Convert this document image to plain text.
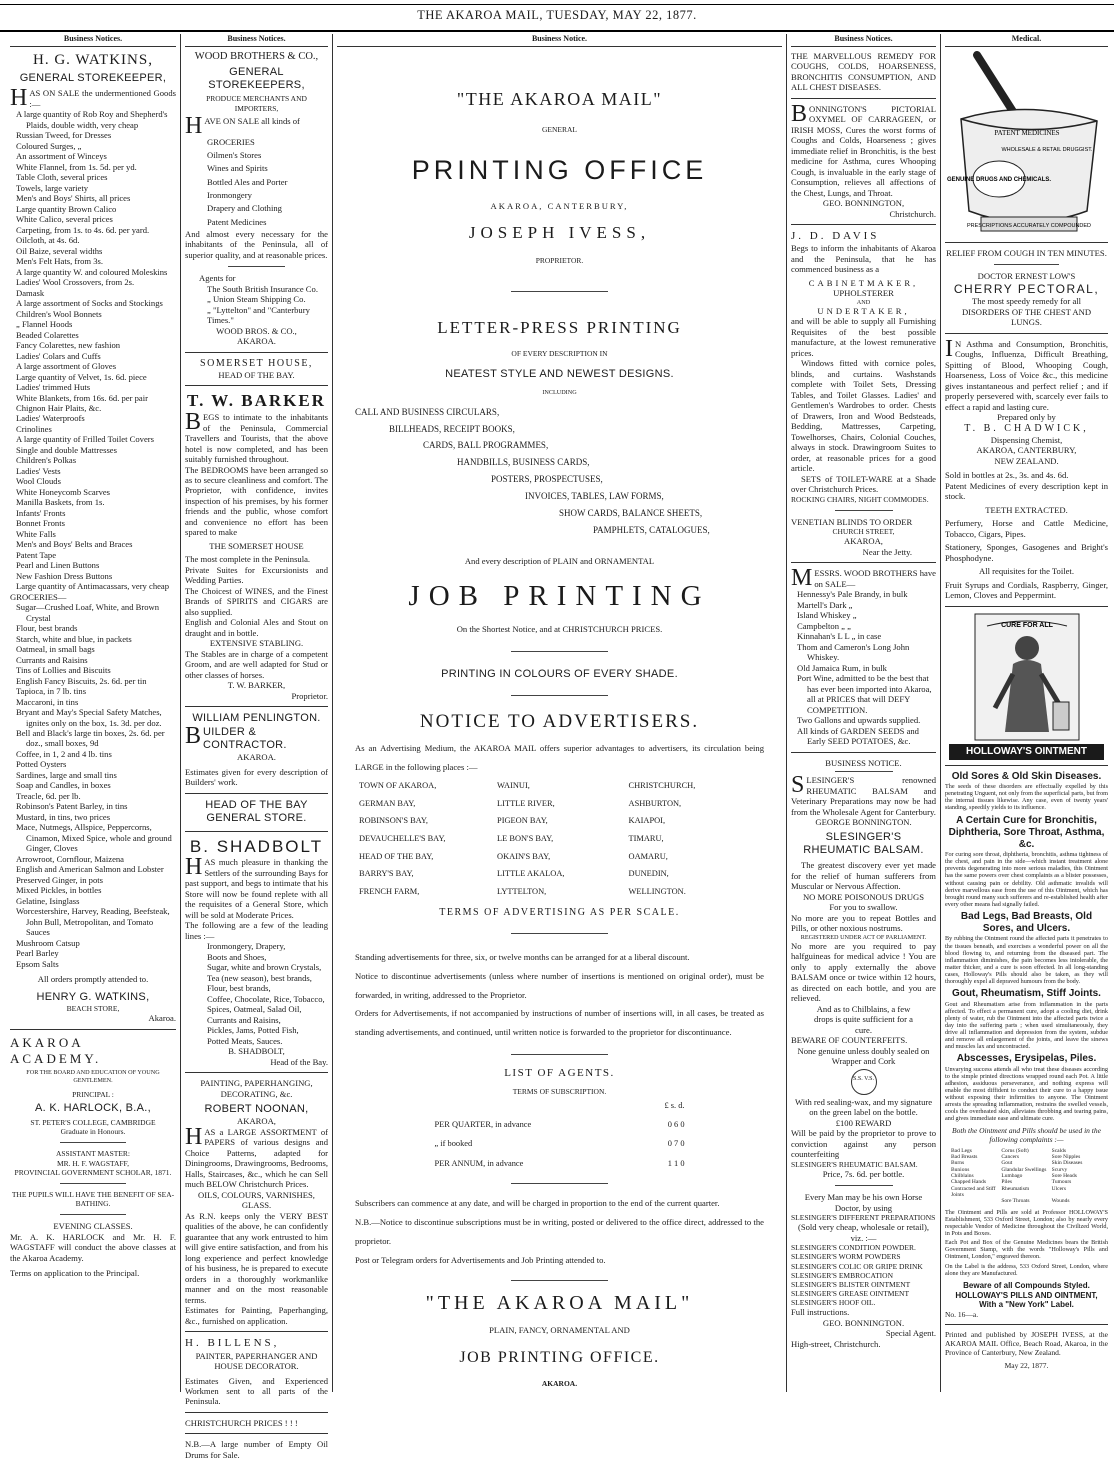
THE AKAROA MAIL, TUESDAY, MAY 22, 1877.
Business Notices.
H. G. WATKINS,
GENERAL STOREKEEPER,

HAS ON SALE the undermentioned Goods :—

A large quantity of Rob Roy and Shepherd's Plaids, double width, very cheap
Russian Tweed, for Dresses
Coloured Surges, „
An assortment of Winceys
White Flannel, from 1s. 5d. per yd.
Table Cloth, several prices
Towels, large variety
Men's and Boys' Shirts, all prices
Large quantity Brown Calico
White Calico, several prices
Carpeting, from 1s. to 4s. 6d. per yard.
Oilcloth, at 4s. 6d.
Oil Baize, several widths
Men's Felt Hats, from 3s.
A large quantity W. and coloured Moleskins
Ladies' Wool Crossovers, from 2s.
Damask
A large assortment of Socks and Stockings
Children's Wool Bonnets
„ Flannel Hoods
Beaded Colarettes
Fancy Colarettes, new fashion
Ladies' Colars and Cuffs
A large assortment of Gloves
Large quantity of Velvet, 1s. 6d. piece
Ladies' trimmed Huts
White Blankets, from 16s. 6d. per pair
Chignon Hair Plaits, &c.
Ladies' Waterproofs
Crinolines
A large quantity of Frilled Toilet Covers
Single and double Mattresses
Children's Polkas
Ladies' Vests
Wool Clouds
White Honeycomb Scarves
Manilla Baskets, from 1s.
Infants' Fronts
Bonnet Fronts
White Falls
Men's and Boys' Belts and Braces
Patent Tape
Pearl and Linen Buttons
New Fashion Dress Buttons
Large quantity of Antimacassars, very cheap
GROCERIES—
Sugar—Crushed Loaf, White, and Brown Crystal
Flour, best brands
Starch, white and blue, in packets
Oatmeal, in small bags
Currants and Raisins
Tins of Lollies and Biscuits
English Fancy Biscuits, 2s. 6d. per tin
Tapioca, in 7 lb. tins
Maccaroni, in tins
Bryant and May's Special Safety Matches, ignites only on the box, 1s. 3d. per doz.
Bell and Black's large tin boxes, 2s. 6d. per doz., small boxes, 9d
Coffee, in 1, 2 and 4 lb. tins
Potted Oysters
Sardines, large and small tins
Soap and Candles, in boxes
Treacle, 6d. per lb.
Robinson's Patent Barley, in tins
Mustard, in tins, two prices
Mace, Nutmegs, Allspice, Peppercorns, Cinamon, Mixed Spice, whole and ground Ginger, Cloves
Arrowroot, Cornflour, Maizena
English and American Salmon and Lobster
Preserved Ginger, in pots
Mixed Pickles, in bottles
Gelatine, Isinglass
Worcestershire, Harvey, Reading, Beefsteak, John Bull, Metropolitan, and Tomato Sauces
Mushroom Catsup
Pearl Barley
Epsom Salts
All orders promptly attended to.
HENRY G. WATKINS,
BEACH STORE,
Akaroa.
AKAROA ACADEMY.
FOR THE BOARD AND EDUCATION OF YOUNG GENTLEMEN.
PRINCIPAL :
A. K. HARLOCK, B.A.,
ST. PETER'S COLLEGE, CAMBRIDGE
Graduate in Honours.
ASSISTANT MASTER:
MR. H. F. WAGSTAFF,
PROVINCIAL GOVERNMENT SCHOLAR, 1871.
THE PUPILS WILL HAVE THE BENEFIT OF SEA-BATHING.
EVENING CLASSES.

Mr. A. K. HARLOCK and Mr. H. F. WAGSTAFF will conduct the above classes at the Akaroa Academy.

Terms on application to the Principal.

Business Notices.
WOOD BROTHERS & CO.,
GENERAL STOREKEEPERS,
PRODUCE MERCHANTS AND IMPORTERS,

HAVE ON SALE all kinds of

GROCERIES
Oilmen's Stores
Wines and Spirits
Bottled Ales and Porter
Ironmongery
Drapery and Clothing
Patent Medicines

And almost every necessary for the inhabitants of the Peninsula, all of superior quality, and at reasonable prices.

Agents for
The South British Insurance Co.
„ Union Steam Shipping Co.
„ "Lyttelton" and "Canterbury Times."
WOOD BROS. & CO.,
AKAROA.
SOMERSET HOUSE,
HEAD OF THE BAY.
T. W. BARKER

BEGS to intimate to the inhabitants of the Peninsula, Commercial Travellers and Tourists, that the above hotel is now completed, and has been suitably furnished throughout.

The BEDROOMS have been arranged so as to secure cleanliness and comfort. The Proprietor, with confidence, invites inspection of his premises, by his former friends and the public, whose comfort and convenience no effort has been spared to make

THE SOMERSET HOUSE

The most complete in the Peninsula.

Private Suites for Excursionists and Wedding Parties.

The Choicest of WINES, and the Finest Brands of SPIRITS and CIGARS are also supplied.

English and Colonial Ales and Stout on draught and in bottle.

EXTENSIVE STABLING.

The Stables are in charge of a competent Groom, and are well adapted for Stud or other classes of horses.

T. W. BARKER,
Proprietor.
WILLIAM PENLINGTON.

BUILDER & CONTRACTOR.

AKAROA.

Estimates given for every description of Builders' work.

HEAD OF THE BAY GENERAL STORE.
B. SHADBOLT

HAS much pleasure in thanking the Settlers of the surrounding Bays for past support, and begs to intimate that his Store will now be found replete with all the requisites of a General Store, which will be sold at Moderate Prices.

The following are a few of the leading lines :—

Ironmongery, Drapery,
Boots and Shoes,
Sugar, white and brown Crystals,
Tea (new season), best brands,
Flour, best brands,
Coffee, Chocolate, Rice, Tobacco,
Spices, Oatmeal, Salad Oil,
Currants and Raisins,
Pickles, Jams, Potted Fish,
Potted Meats, Sauces.
B. SHADBOLT,
Head of the Bay.
PAINTING, PAPERHANGING, DECORATING, &c.
ROBERT NOONAN,
AKAROA,

HAS a LARGE ASSORTMENT of PAPERS of various designs and Choice Patterns, adapted for Diningrooms, Drawingrooms, Bedrooms, Halls, Staircases, &c., which he can Sell much BELOW Christchurch Prices.

OILS, COLOURS, VARNISHES, GLASS.

As R.N. keeps only the VERY BEST qualities of the above, he can confidently guarantee that any work entrusted to him will give entire satisfaction, and from his long experience and perfect knowledge of his business, he is prepared to execute orders in a thoroughly workmanlike manner and on the most reasonable terms.

Estimates for Painting, Paperhanging, &c., furnished on application.

H. BILLENS,
PAINTER, PAPERHANGER AND HOUSE DECORATOR.

Estimates Given, and Experienced Workmen sent to all parts of the Peninsula.

CHRISTCHURCH PRICES ! ! !

N.B.—A large number of Empty Oil Drums for Sale.

Business Notice.
"THE AKAROA MAIL"
GENERAL
PRINTING OFFICE
AKAROA, CANTERBURY,
JOSEPH IVESS,
PROPRIETOR.
LETTER-PRESS PRINTING
OF EVERY DESCRIPTION IN
NEATEST STYLE AND NEWEST DESIGNS.
INCLUDING

CALL AND BUSINESS CIRCULARS,

BILLHEADS, RECEIPT BOOKS,

CARDS, BALL PROGRAMMES,

HANDBILLS, BUSINESS CARDS,

POSTERS, PROSPECTUSES,

INVOICES, TABLES, LAW FORMS,

SHOW CARDS, BALANCE SHEETS,

PAMPHLETS, CATALOGUES,

And every description of PLAIN and ORNAMENTAL
JOB PRINTING
On the Shortest Notice, and at CHRISTCHURCH PRICES.
PRINTING IN COLOURS OF EVERY SHADE.
NOTICE TO ADVERTISERS.

As an Advertising Medium, the AKAROA MAIL offers superior advantages to advertisers, its circulation being LARGE in the following places :—

TOWN OF AKAROA,	WAINUI,	CHRISTCHURCH,
GERMAN BAY,	LITTLE RIVER,	ASHBURTON,
ROBINSON'S BAY,	PIGEON BAY,	KAIAPOI,
DEVAUCHELLE'S BAY,	LE BON'S BAY,	TIMARU,
HEAD OF THE BAY,	OKAIN'S BAY,	OAMARU,
BARRY'S BAY,	LITTLE AKALOA,	DUNEDIN,
FRENCH FARM,	LYTTELTON,	WELLINGTON.
TERMS OF ADVERTISING AS PER SCALE.

Standing advertisements for three, six, or twelve months can be arranged for at a liberal discount.

Notice to discontinue advertisements (unless where number of insertions is mentioned on original order), must be forwarded, in writing, addressed to the Proprietor.

Orders for Advertisements, if not accompanied by instructions of number of insertions will, in all cases, be treated as standing advertisements, and continued, until written notice is forwarded to the proprietor for discontinuance.

LIST OF AGENTS.
TERMS OF SUBSCRIPTION.
£ s. d.
PER QUARTER, in advance	0 6 0
„ if booked	0 7 0
PER ANNUM, in advance	1 1 0

Subscribers can commence at any date, and will be charged in proportion to the end of the current quarter.

N.B.—Notice to discontinue subscriptions must be in writing, posted or delivered to the office direct, addressed to the proprietor.

Post or Telegram orders for Advertisements and Job Printing attended to.

"THE AKAROA MAIL"
PLAIN, FANCY, ORNAMENTAL AND
JOB PRINTING OFFICE.
AKAROA.
Business Notices.

THE MARVELLOUS REMEDY FOR COUGHS, COLDS, HOARSENESS, BRONCHITIS CONSUMPTION, AND ALL CHEST DISEASES.

BONNINGTON'S PICTORIAL OXYMEL OF CARRAGEEN, or IRISH MOSS, Cures the worst forms of Coughs and Colds, Hoarseness ; gives immediate relief in Bronchitis, is the best medicine for Asthma, cures Whooping Cough, is invaluable in the early stage of Consumption, relieves all affections of the Chest, Lungs, and Throat.

GEO. BONNINGTON,
Christchurch.
J. D. DAVIS

Begs to inform the inhabitants of Akaroa and the Peninsula, that he has commenced business as a

CABINETMAKER,
UPHOLSTERER
AND
UNDERTAKER,

and will be able to supply all Furnishing Requisites of the best possible manufacture, at the lowest remunerative prices.

Windows fitted with cornice poles, blinds, and curtains. Washstands complete with Toilet Sets, Dressing Tables, and Toilet Glasses. Ladies' and Gentlemen's Wardrobes to order. Chests of Drawers, Iron and Wood Bedsteads, Bedding, Mattresses, Carpeting, Towelhorses, Chairs, Colonial Couches, always in stock. Drawingroom Suites to order, at reasonable prices for a good article.

SETS of TOILET-WARE at a Shade over Christchurch Prices.

ROCKING CHAIRS, NIGHT COMMODES.

VENETIAN BLINDS TO ORDER
CHURCH STREET,
AKAROA,
Near the Jetty.

MESSRS. WOOD BROTHERS have on SALE—

Hennessy's Pale Brandy, in bulk
Martell's Dark „
Island Whiskey „
Campbelton „ „
Kinnahan's L L „ in case
Thom and Cameron's Long John Whiskey.
Old Jamaica Rum, in bulk
Port Wine, admitted to be the best that has ever been imported into Akaroa, all at PRICES that will DEFY COMPETITION.
Two Gallons and upwards supplied.
All kinds of GARDEN SEEDS and Early SEED POTATOES, &c.
BUSINESS NOTICE.

SLESINGER'S renowned RHEUMATIC BALSAM and Veterinary Preparations may now be had from the Wholesale Agent for Canterbury.

GEORGE BONNINGTON.
SLESINGER'S RHEUMATIC BALSAM.

The greatest discovery ever yet made for the relief of human sufferers from Muscular or Nervous Affection.

NO MORE POISONOUS DRUGS
For you to swallow.

No more are you to repeat Bottles and Pills, or other noxious nostrums.

REGISTERED UNDER ACT OF PARLIAMENT.

No more are you required to pay halfguineas for medical advice ! You are only to apply externally the above BALSAM once or twice within 12 hours, as directed on each bottle, and you are relieved.

And as to Chilblains, a few drops is quite sufficient for a cure.

BEWARE OF COUNTERFEITS.
None genuine unless doubly sealed on Wrapper and Cork
S.S. V.S.

With red sealing-wax, and my signature on the green label on the bottle.

£100 REWARD

Will be paid by the proprietor to prove to conviction against any person counterfeiting

SLESINGER'S RHEUMATIC BALSAM.
Price, 7s. 6d. per bottle.

Every Man may be his own Horse Doctor, by using

SLESINGER'S DIFFERENT PREPARATIONS
(Sold very cheap, wholesale or retail), viz. :—
SLESINGER'S CONDITION POWDER.
SLESINGER'S WORM POWDERS
SLESINGER'S COLIC OR GRIPE DRINK
SLESINGER'S EMBROCATION
SLESINGER'S BLISTER OINTMENT
SLESINGER'S GREASE OINTMENT
SLESINGER'S HOOF OIL.
Full instructions.
GEO. BONNINGTON.
Special Agent.
High-street, Christchurch.
Medical.
PATENT MEDICINES
WHOLESALE & RETAIL DRUGGIST.
GENUINE DRUGS AND CHEMICALS.
PRESCRIPTIONS ACCURATELY COMPOUNDED
RELIEF FROM COUGH IN TEN MINUTES.
DOCTOR ERNEST LOW'S
CHERRY PECTORAL,

The most speedy remedy for all DISORDERS OF THE CHEST AND LUNGS.

I N Asthma and Consumption, Bronchitis, Coughs, Influenza, Difficult Breathing, Spitting of Blood, Whooping Cough, Hoarseness, Loss of Voice &c., this medicine gives instantaneous and perfect relief ; and if properly persevered with, scarcely ever fails to effect a rapid and lasting cure.

Prepared only by
T. B. CHADWICK,
Dispensing Chemist,
AKAROA, CANTERBURY,
NEW ZEALAND.

Sold in bottles at 2s., 3s. and 4s. 6d.

Patent Medicines of every description kept in stock.

TEETH EXTRACTED.

Perfumery, Horse and Cattle Medicine, Tobacco, Cigars, Pipes.

Stationery, Sponges, Gasogenes and Bright's Phosphodyne.

All requisites for the Toilet.

Fruit Syrups and Cordials, Raspberry, Ginger, Lemon, Cloves and Peppermint.

CURE FOR ALL
HOLLOWAY'S OINTMENT
Old Sores & Old Skin Diseases.

The seeds of these disorders are effectually expelled by this penetrating Unguent, not only from the superficial parts, but from the internal tissues likewise. Any case, even of twenty years' standing, speedily yields to its influence.

A Certain Cure for Bronchitis, Diphtheria, Sore Throat, Asthma, &c.

For curing sore throat, diphtheria, bronchitis, asthma tightness of the chest, and pain in the side—which instant treatment alone prevents degenerating into more serious maladies, this Ointment has the same powers over chest complaints as a blister possesses, without causing pain or debility. Old asthmatic invalids will derive marvellous ease from the use of this Ointment, which has brought round many such sufferers and re-established health after every other means had signally failed.

Bad Legs, Bad Breasts, Old Sores, and Ulcers.

By rubbing the Ointment round the affected parts it penetrates to the tissues beneath, and exercises a wonderful power on all the blood flowing to, and returning from the diseased part. The inflammation diminishes, the pain becomes less intolerable, the matter thicker, and a cure is soon effected. In all long-standing cases, Holloway's Pills should also be taken, as they will thoroughly expel all depraved humours from the body.

Gout, Rheumatism, Stiff Joints.

Gout and Rheumatism arise from inflammation in the parts affected. To effect a permanent cure, adopt a cooling diet, drink plenty of water, rub the Ointment into the affected parts twice a day into the suffering parts ; when used simultaneously, they drive all inflammation and depression from the system, subdue and remove all enlargement of the joints, and leave the sinews and muscles lax and uncontracted.

Abscesses, Erysipelas, Piles.

Unvarying success attends all who treat these diseases according to the simple printed directions wrapped round each Pot. A little adhesion, assiduous perseverance, and nothing express will enable the most diffident to conduct their cure to a happy issue without exposing their infirmities to anyone. The Ointment arrests the spreading inflammation, restrains the swelled vessels, cools the overheated skin, alleviates throbbing and tearing pains, and gives immediate ease and ultimate cure.

Both the Ointment and Pills should be used in the following complaints :—

Bad Legs	Corns (Soft)	Scalds
Bad Breasts	Cancers	Sore Nipples
Burns	Gout	Skin Diseases
Bunions	Glandular Swellings Scurvy
Chilblains	Lumbago	Sore Heads
Chapped Hands	Piles	Tumours
Contracted and Stiff Joints
Rheumatism	Ulcers
Sore Throats	Wounds

The Ointment and Pills are sold at Professor HOLLOWAY'S Establishment, 533 Oxford Street, London; also by nearly every respectable Vendor of Medicine throughout the Civilized World, in Pots and Boxes.

Each Pot and Box of the Genuine Medicines bears the British Government Stamp, with the words "Holloway's Pills and Ointment, London," engraved thereon.

On the Label is the address, 533 Oxford Street, London, where alone they are Manufactured.

Beware of all Compounds Styled.
HOLLOWAY'S PILLS AND OINTMENT,
With a "New York" Label.
No. 16—a.

Printed and published by JOSEPH IVESS, at the AKAROA MAIL Office, Beach Road, Akaroa, in the Province of Canterbury, New Zealand.

May 22, 1877.
